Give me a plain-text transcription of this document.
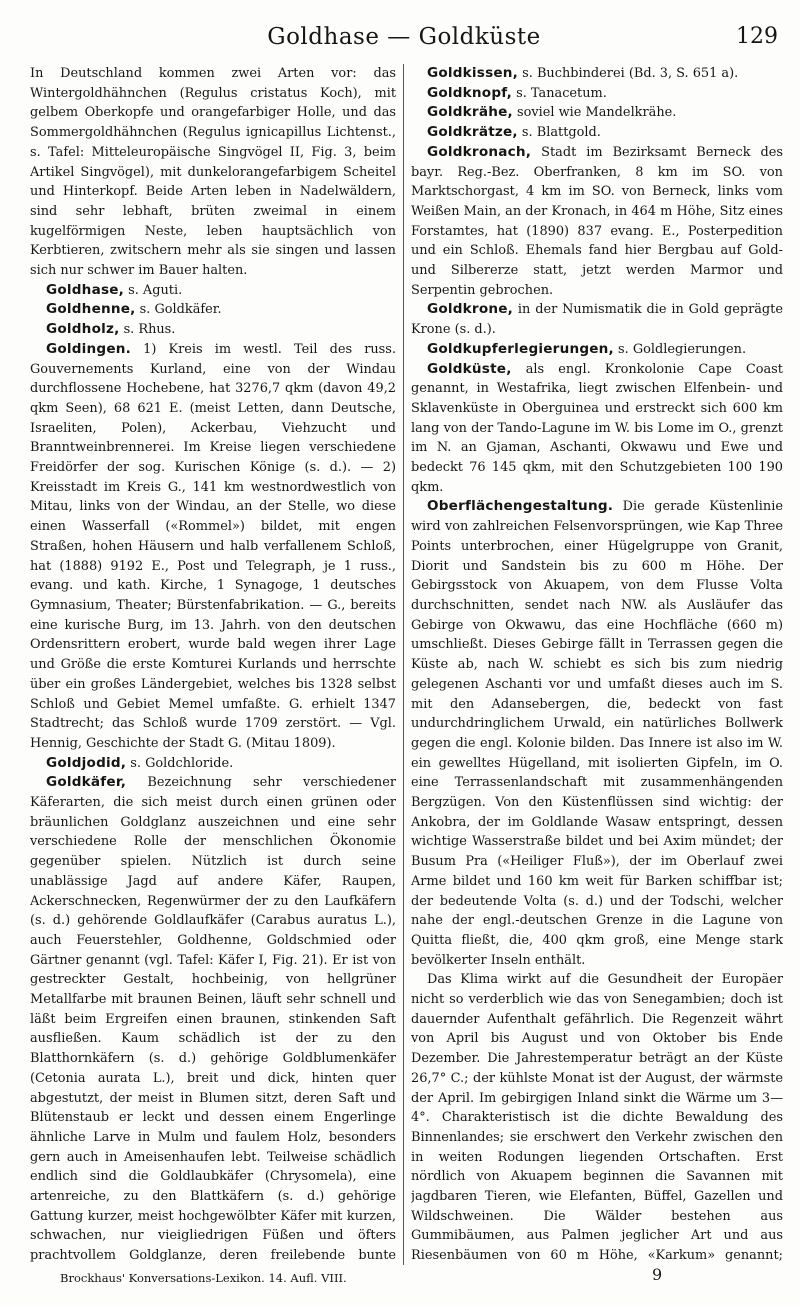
Goldhase — Goldküste	129

In Deutschland kommen zwei Arten vor: das Wintergoldhähnchen (Regulus cristatus Koch), mit gelbem Oberkopfe und orangefarbiger Holle, und das Sommergoldhähnchen (Regulus ignicapillus Lichtenst., s. Tafel: Mitteleuropäische Singvögel II, Fig. 3, beim Artikel Singvögel), mit dunkelorangefarbigem Scheitel und Hinterkopf. Beide Arten leben in Nadelwäldern, sind sehr lebhaft, brüten zweimal in einem kugelförmigen Neste, leben hauptsächlich von Kerbtieren, zwitschern mehr als sie singen und lassen sich nur schwer im Bauer halten.

Goldhase, s. Aguti.

Goldhenne, s. Goldkäfer.

Goldholz, s. Rhus.

Goldingen. 1) Kreis im westl. Teil des russ. Gouvernements Kurland, eine von der Windau durchflossene Hochebene, hat 3276,7 qkm (davon 49,2 qkm Seen), 68 621 E. (meist Letten, dann Deutsche, Israeliten, Polen), Ackerbau, Viehzucht und Branntweinbrennerei. Im Kreise liegen verschiedene Freidörfer der sog. Kurischen Könige (s. d.). — 2) Kreisstadt im Kreis G., 141 km westnordwestlich von Mitau, links von der Windau, an der Stelle, wo diese einen Wasserfall («Rommel») bildet, mit engen Straßen, hohen Häusern und halb verfallenem Schloß, hat (1888) 9192 E., Post und Telegraph, je 1 russ., evang. und kath. Kirche, 1 Synagoge, 1 deutsches Gymnasium, Theater; Bürstenfabrikation. — G., bereits eine kurische Burg, im 13. Jahrh. von den deutschen Ordensrittern erobert, wurde bald wegen ihrer Lage und Größe die erste Komturei Kurlands und herrschte über ein großes Ländergebiet, welches bis 1328 selbst Schloß und Gebiet Memel umfaßte. G. erhielt 1347 Stadtrecht; das Schloß wurde 1709 zerstört. — Vgl. Hennig, Geschichte der Stadt G. (Mitau 1809).

Goldjodid, s. Goldchloride.

Goldkäfer, Bezeichnung sehr verschiedener Käferarten, die sich meist durch einen grünen oder bräunlichen Goldglanz auszeichnen und eine sehr verschiedene Rolle der menschlichen Ökonomie gegenüber spielen. Nützlich ist durch seine unablässige Jagd auf andere Käfer, Raupen, Ackerschnecken, Regenwürmer der zu den Laufkäfern (s. d.) gehörende Goldlaufkäfer (Carabus auratus L.), auch Feuerstehler, Goldhenne, Goldschmied oder Gärtner genannt (vgl. Tafel: Käfer I, Fig. 21). Er ist von gestreckter Gestalt, hochbeinig, von hellgrüner Metallfarbe mit braunen Beinen, läuft sehr schnell und läßt beim Ergreifen einen braunen, stinkenden Saft ausfließen. Kaum schädlich ist der zu den Blatthornkäfern (s. d.) gehörige Goldblumenkäfer (Cetonia aurata L.), breit und dick, hinten quer abgestutzt, der meist in Blumen sitzt, deren Saft und Blütenstaub er leckt und dessen einem Engerlinge ähnliche Larve in Mulm und faulem Holz, besonders gern auch in Ameisenhaufen lebt. Teilweise schädlich endlich sind die Goldlaubkäfer (Chrysomela), eine artenreiche, zu den Blattkäfern (s. d.) gehörige Gattung kurzer, meist hochgewölbter Käfer mit kurzen, schwachen, nur vieigliedrigen Füßen und öfters prachtvollem Goldglanze, deren freilebende bunte

Goldkissen, s. Buchbinderei (Bd. 3, S. 651 a).

Goldknopf, s. Tanacetum.

Goldkrähe, soviel wie Mandelkrähe.

Goldkrätze, s. Blattgold.

Goldkronach, Stadt im Bezirksamt Berneck des bayr. Reg.-Bez. Oberfranken, 8 km im SO. von Marktschorgast, 4 km im SO. von Berneck, links vom Weißen Main, an der Kronach, in 464 m Höhe, Sitz eines Forstamtes, hat (1890) 837 evang. E., Posterpedition und ein Schloß. Ehemals fand hier Bergbau auf Gold- und Silbererze statt, jetzt werden Marmor und Serpentin gebrochen.

Goldkrone, in der Numismatik die in Gold geprägte Krone (s. d.).

Goldkupferlegierungen, s. Goldlegierungen.

Goldküste, als engl. Kronkolonie Cape Coast genannt, in Westafrika, liegt zwischen Elfenbein- und Sklavenküste in Oberguinea und erstreckt sich 600 km lang von der Tando-Lagune im W. bis Lome im O., grenzt im N. an Gjaman, Aschanti, Okwawu und Ewe und bedeckt 76 145 qkm, mit den Schutzgebieten 100 190 qkm.

Oberflächengestaltung. Die gerade Küstenlinie wird von zahlreichen Felsenvorsprüngen, wie Kap Three Points unterbrochen, einer Hügelgruppe von Granit, Diorit und Sandstein bis zu 600 m Höhe. Der Gebirgsstock von Akuapem, von dem Flusse Volta durchschnitten, sendet nach NW. als Ausläufer das Gebirge von Okwawu, das eine Hochfläche (660 m) umschließt. Dieses Gebirge fällt in Terrassen gegen die Küste ab, nach W. schiebt es sich bis zum niedrig gelegenen Aschanti vor und umfaßt dieses auch im S. mit den Adansebergen, die, bedeckt von fast undurchdringlichem Urwald, ein natürliches Bollwerk gegen die engl. Kolonie bilden. Das Innere ist also im W. ein gewelltes Hügelland, mit isolierten Gipfeln, im O. eine Terrassenlandschaft mit zusammenhängenden Bergzügen. Von den Küstenflüssen sind wichtig: der Ankobra, der im Goldlande Wasaw entspringt, dessen wichtige Wasserstraße bildet und bei Axim mündet; der Busum Pra («Heiliger Fluß»), der im Oberlauf zwei Arme bildet und 160 km weit für Barken schiffbar ist; der bedeutende Volta (s. d.) und der Todschi, welcher nahe der engl.-deutschen Grenze in die Lagune von Quitta fließt, die, 400 qkm groß, eine Menge stark bevölkerter Inseln enthält.

Das Klima wirkt auf die Gesundheit der Europäer nicht so verderblich wie das von Senegambien; doch ist dauernder Aufenthalt gefährlich. Die Regenzeit währt von April bis August und von Oktober bis Ende Dezember. Die Jahrestemperatur beträgt an der Küste 26,7° C.; der kühlste Monat ist der August, der wärmste der April. Im gebirgigen Inland sinkt die Wärme um 3—4°. Charakteristisch ist die dichte Bewaldung des Binnenlandes; sie erschwert den Verkehr zwischen den in weiten Rodungen liegenden Ortschaften. Erst nördlich von Akuapem beginnen die Savannen mit jagdbaren Tieren, wie Elefanten, Büffel, Gazellen und Wildschweinen. Die Wälder bestehen aus Gummibäumen, aus Palmen jeglicher Art und aus Riesenbäumen von 60 m Höhe, «Karkum» genannt;

Brockhaus' Konversations-Lexikon. 14. Aufl. VIII.	9
